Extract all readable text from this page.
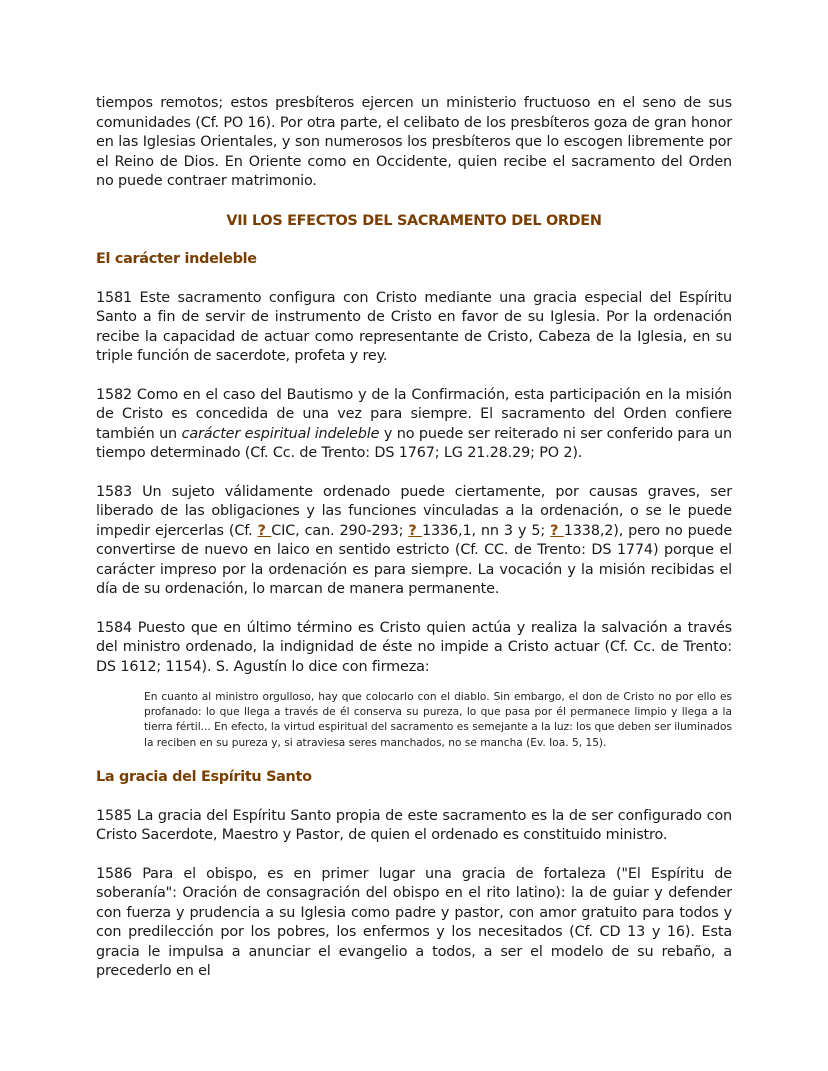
tiempos remotos; estos presbíteros ejercen un ministerio fructuoso en el seno de sus comunidades (Cf. PO 16). Por otra parte, el celibato de los presbíteros goza de gran honor en las Iglesias Orientales, y son numerosos los presbíteros que lo escogen libremente por el Reino de Dios. En Oriente como en Occidente, quien recibe el sacramento del Orden no puede contraer matrimonio.

VII LOS EFECTOS DEL SACRAMENTO DEL ORDEN
El carácter indeleble

1581 Este sacramento configura con Cristo mediante una gracia especial del Espíritu Santo a fin de servir de instrumento de Cristo en favor de su Iglesia. Por la ordenación recibe la capacidad de actuar como representante de Cristo, Cabeza de la Iglesia, en su triple función de sacerdote, profeta y rey.

1582 Como en el caso del Bautismo y de la Confirmación, esta participación en la misión de Cristo es concedida de una vez para siempre. El sacramento del Orden confiere también un carácter espiritual indeleble y no puede ser reiterado ni ser conferido para un tiempo determinado (Cf. Cc. de Trento: DS 1767; LG 21.28.29; PO 2).

1583 Un sujeto válidamente ordenado puede ciertamente, por causas graves, ser liberado de las obligaciones y las funciones vinculadas a la ordenación, o se le puede impedir ejercerlas (Cf. ? CIC, can. 290-293; ? 1336,1, nn 3 y 5; ? 1338,2), pero no puede convertirse de nuevo en laico en sentido estricto (Cf. CC. de Trento: DS 1774) porque el carácter impreso por la ordenación es para siempre. La vocación y la misión recibidas el día de su ordenación, lo marcan de manera permanente.

1584 Puesto que en último término es Cristo quien actúa y realiza la salvación a través del ministro ordenado, la indignidad de éste no impide a Cristo actuar (Cf. Cc. de Trento: DS 1612; 1154). S. Agustín lo dice con firmeza:

En cuanto al ministro orgulloso, hay que colocarlo con el diablo. Sin embargo, el don de Cristo no por ello es profanado: lo que llega a través de él conserva su pureza, lo que pasa por él permanece limpio y llega a la tierra fértil... En efecto, la virtud espiritual del sacramento es semejante a la luz: los que deben ser iluminados la reciben en su pureza y, si atraviesa seres manchados, no se mancha (Ev. Ioa. 5, 15).

La gracia del Espíritu Santo

1585 La gracia del Espíritu Santo propia de este sacramento es la de ser configurado con Cristo Sacerdote, Maestro y Pastor, de quien el ordenado es constituido ministro.

1586 Para el obispo, es en primer lugar una gracia de fortaleza ("El Espíritu de soberanía": Oración de consagración del obispo en el rito latino): la de guiar y defender con fuerza y prudencia a su Iglesia como padre y pastor, con amor gratuito para todos y con predilección por los pobres, los enfermos y los necesitados (Cf. CD 13 y 16). Esta gracia le impulsa a anunciar el evangelio a todos, a ser el modelo de su rebaño, a precederlo en el
